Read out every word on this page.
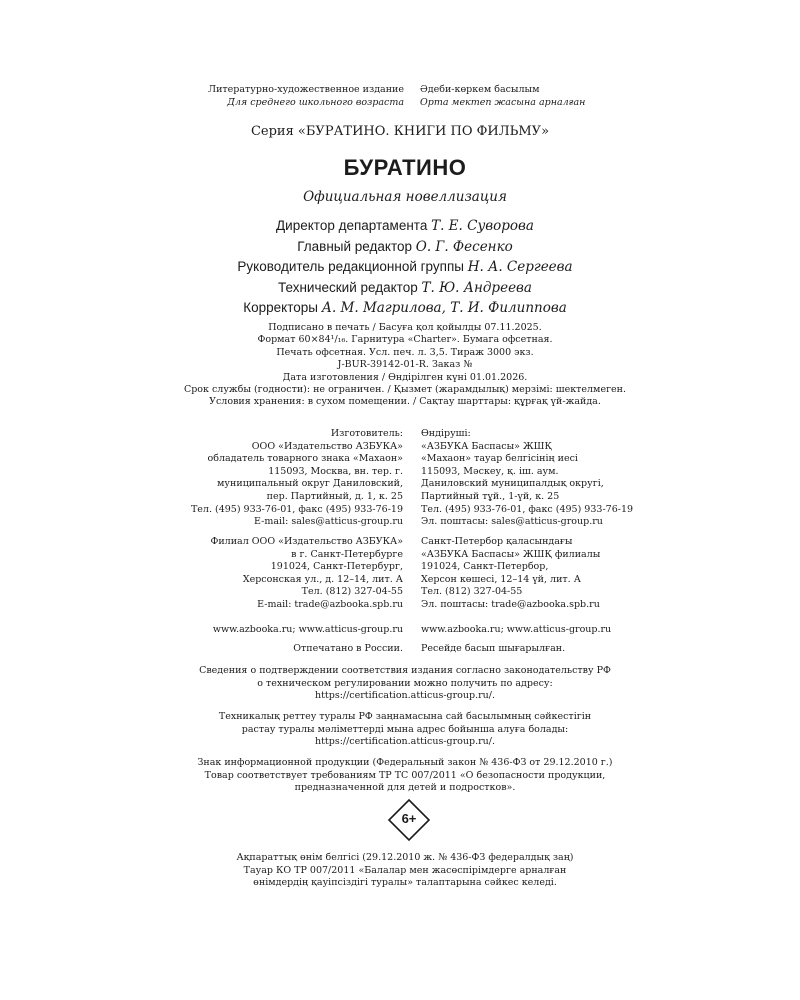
Литературно-художественное издание
Для среднего школьного возраста
Әдеби-көркем басылым
Орта мектеп жасына арналған
Серия «БУРАТИНО. КНИГИ ПО ФИЛЬМУ»
БУРАТИНО
Официальная новеллизация
Директор департамента Т. Е. Суворова
Главный редактор О. Г. Фесенко
Руководитель редакционной группы Н. А. Сергеева
Технический редактор Т. Ю. Андреева
Корректоры А. М. Магрилова, Т. И. Филиппова
Подписано в печать / Басуға қол қойылды 07.11.2025.
Формат 60×84¹/₁₆. Гарнитура «Charter». Бумага офсетная.
Печать офсетная. Усл. печ. л. 3,5. Тираж 3000 экз.
J-BUR-39142-01-R. Заказ №
Дата изготовления / Өндірілген күні 01.01.2026.
Срок службы (годности): не ограничен. / Қызмет (жарамдылық) мерзімі: шектелмеген.
Условия хранения: в сухом помещении. / Сақтау шарттары: құрғақ үй-жайда.
Изготовитель:
ООО «Издательство АЗБУКА»
обладатель товарного знака «Махаон»
115093, Москва, вн. тер. г.
муниципальный округ Даниловский,
пер. Партийный, д. 1, к. 25
Тел. (495) 933-76-01, факс (495) 933-76-19
E-mail: sales@atticus-group.ru
Өндіруші:
«АЗБУКА Баспасы» ЖШҚ
«Махаон» тауар белгісінің иесі
115093, Мәскеу, қ. іш. аум.
Даниловский муниципалдық округі,
Партийный тұй., 1-үй, к. 25
Тел. (495) 933-76-01, факс (495) 933-76-19
Эл. поштасы: sales@atticus-group.ru
Филиал ООО «Издательство АЗБУКА»
в г. Санкт-Петербурге
191024, Санкт-Петербург,
Херсонская ул., д. 12–14, лит. А
Тел. (812) 327-04-55
E-mail: trade@azbooka.spb.ru
Санкт-Петербор қаласындағы
«АЗБУКА Баспасы» ЖШҚ филиалы
191024, Санкт-Петербор,
Херсон көшесі, 12–14 үй, лит. А
Тел. (812) 327-04-55
Эл. поштасы: trade@azbooka.spb.ru
www.azbooka.ru; www.atticus-group.ru www.azbooka.ru; www.atticus-group.ru
Отпечатано в России. Ресейде басып шығарылған.
Сведения о подтверждении соответствия издания согласно законодательству РФ
о техническом регулировании можно получить по адресу:
https://certification.atticus-group.ru/.
Техникалық реттеу туралы РФ заңнамасына сай басылымның сәйкестігін
растау туралы мәліметтерді мына адрес бойынша алуға болады:
https://certification.atticus-group.ru/.
Знак информационной продукции (Федеральный закон № 436-ФЗ от 29.12.2010 г.)
Товар соответствует требованиям ТР ТС 007/2011 «О безопасности продукции,
предназначенной для детей и подростков».
6+
Ақпараттық өнім белгісі (29.12.2010 ж. № 436-ФЗ федералдық заң)
Тауар КО ТР 007/2011 «Балалар мен жасөспірімдерге арналған
өнімдердің қауіпсіздігі туралы» талаптарына сәйкес келеді.
